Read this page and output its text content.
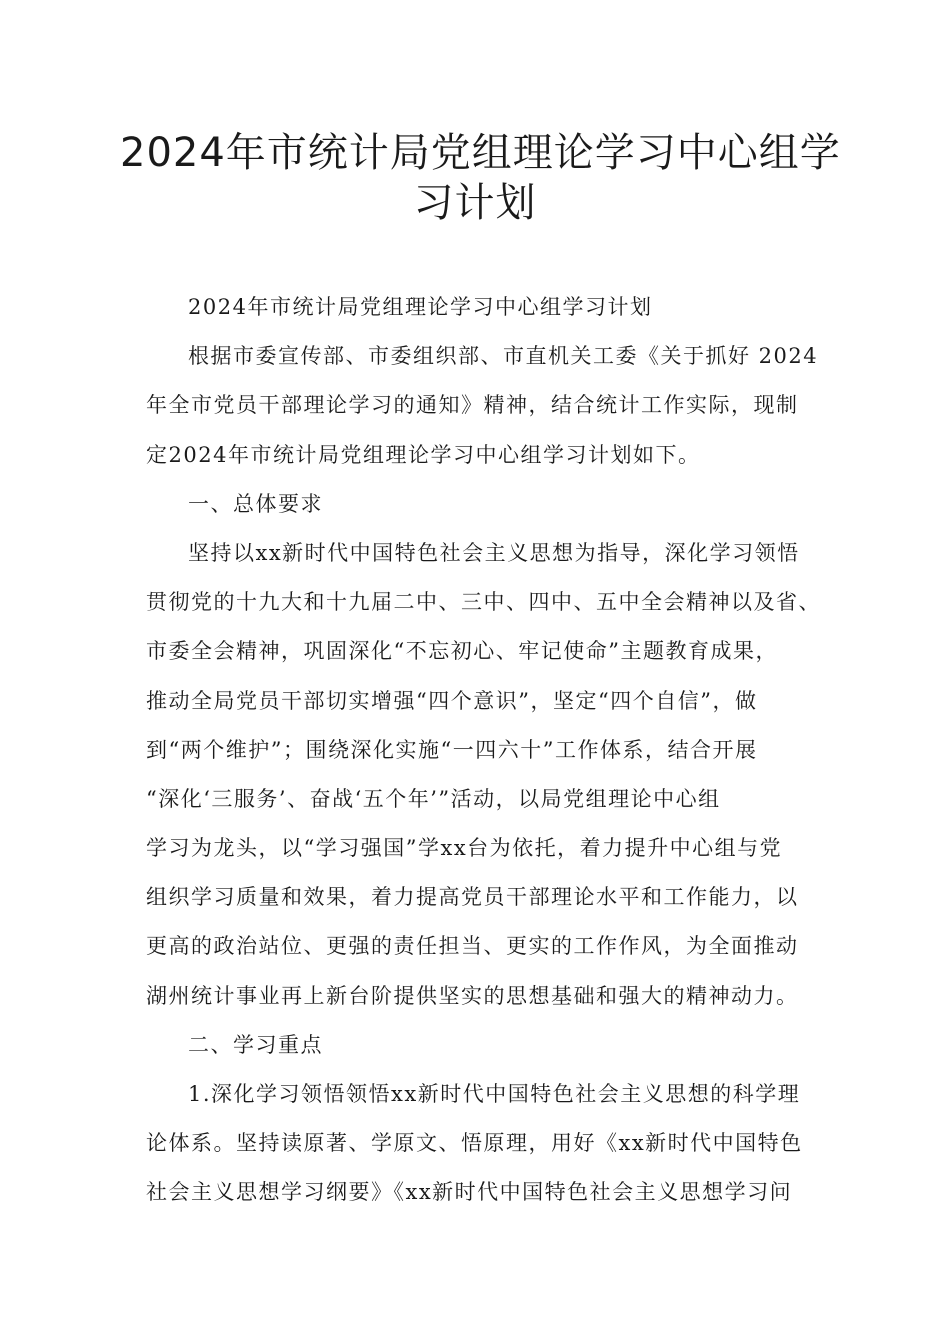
2024年市统计局党组理论学习中心组学
习计划
2024年市统计局党组理论学习中心组学习计划
根据市委宣传部、市委组织部、市直机关工委《关于抓好 2024
年全市党员干部理论学习的通知》精神，结合统计工作实际，现制
定2024年市统计局党组理论学习中心组学习计划如下。
一、总体要求
坚持以xx新时代中国特色社会主义思想为指导，深化学习领悟
贯彻党的十九大和十九届二中、三中、四中、五中全会精神以及省、
市委全会精神，巩固深化“不忘初心、牢记使命”主题教育成果，
推动全局党员干部切实增强“四个意识”，坚定“四个自信”，做
到“两个维护”；围绕深化实施“一四六十”工作体系，结合开展
“深化‘三服务’、奋战‘五个年’”活动，以局党组理论中心组
学习为龙头，以“学习强国”学xx台为依托，着力提升中心组与党
组织学习质量和效果，着力提高党员干部理论水平和工作能力，以
更高的政治站位、更强的责任担当、更实的工作作风，为全面推动
湖州统计事业再上新台阶提供坚实的思想基础和强大的精神动力。
二、学习重点
1.深化学习领悟领悟xx新时代中国特色社会主义思想的科学理
论体系。坚持读原著、学原文、悟原理，用好《xx新时代中国特色
社会主义思想学习纲要》《xx新时代中国特色社会主义思想学习问
